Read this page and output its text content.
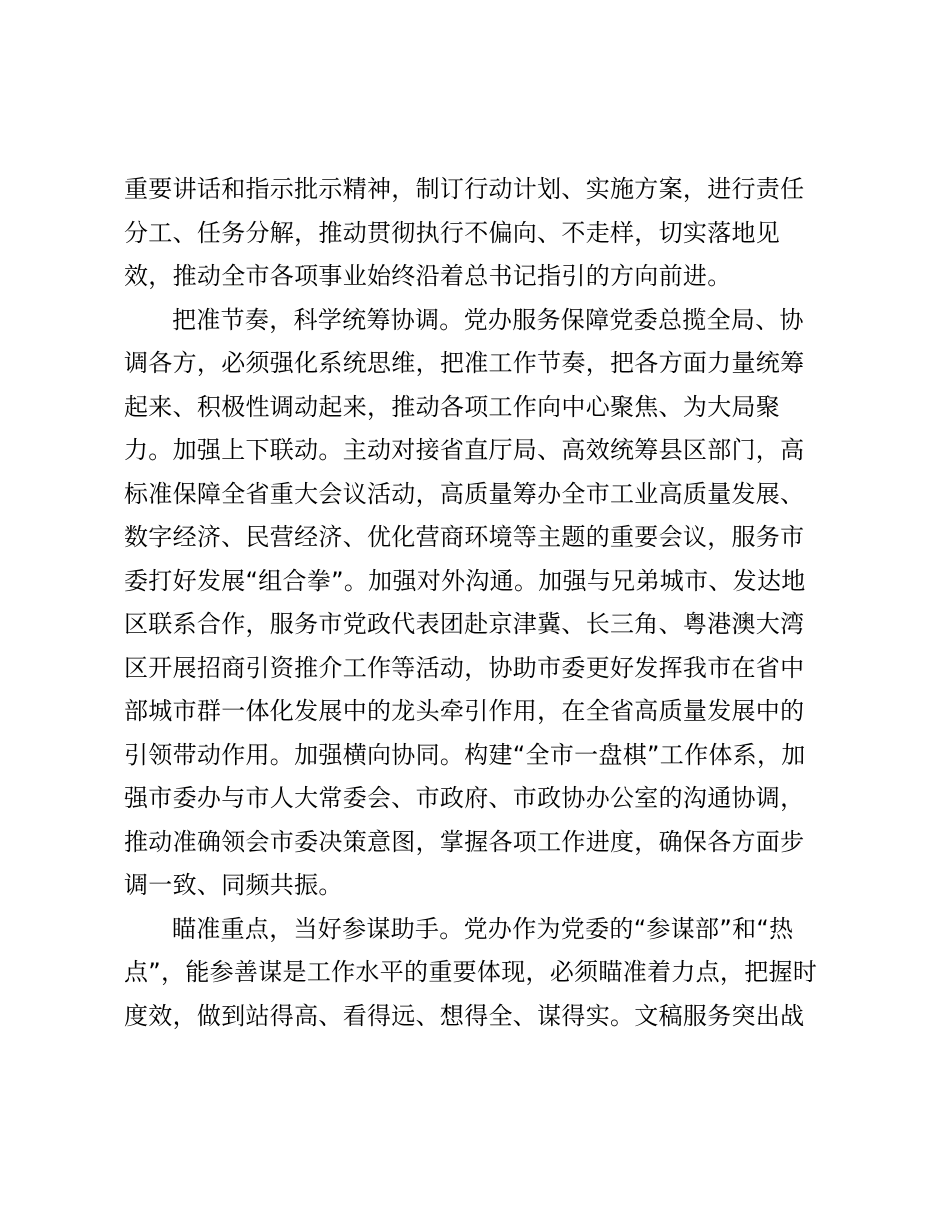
重要讲话和指示批示精神，制订行动计划、实施方案，进行责任
分工、任务分解，推动贯彻执行不偏向、不走样，切实落地见
效，推动全市各项事业始终沿着总书记指引的方向前进。
把准节奏，科学统筹协调。党办服务保障党委总揽全局、协
调各方，必须强化系统思维，把准工作节奏，把各方面力量统筹
起来、积极性调动起来，推动各项工作向中心聚焦、为大局聚
力。加强上下联动。主动对接省直厅局、高效统筹县区部门，高
标准保障全省重大会议活动，高质量筹办全市工业高质量发展、
数字经济、民营经济、优化营商环境等主题的重要会议，服务市
委打好发展“组合拳”。加强对外沟通。加强与兄弟城市、发达地
区联系合作，服务市党政代表团赴京津冀、长三角、粤港澳大湾
区开展招商引资推介工作等活动，协助市委更好发挥我市在省中
部城市群一体化发展中的龙头牵引作用，在全省高质量发展中的
引领带动作用。加强横向协同。构建“全市一盘棋”工作体系，加
强市委办与市人大常委会、市政府、市政协办公室的沟通协调，
推动准确领会市委决策意图，掌握各项工作进度，确保各方面步
调一致、同频共振。
瞄准重点，当好参谋助手。党办作为党委的“参谋部”和“热
点”，能参善谋是工作水平的重要体现，必须瞄准着力点，把握时
度效，做到站得高、看得远、想得全、谋得实。文稿服务突出战
